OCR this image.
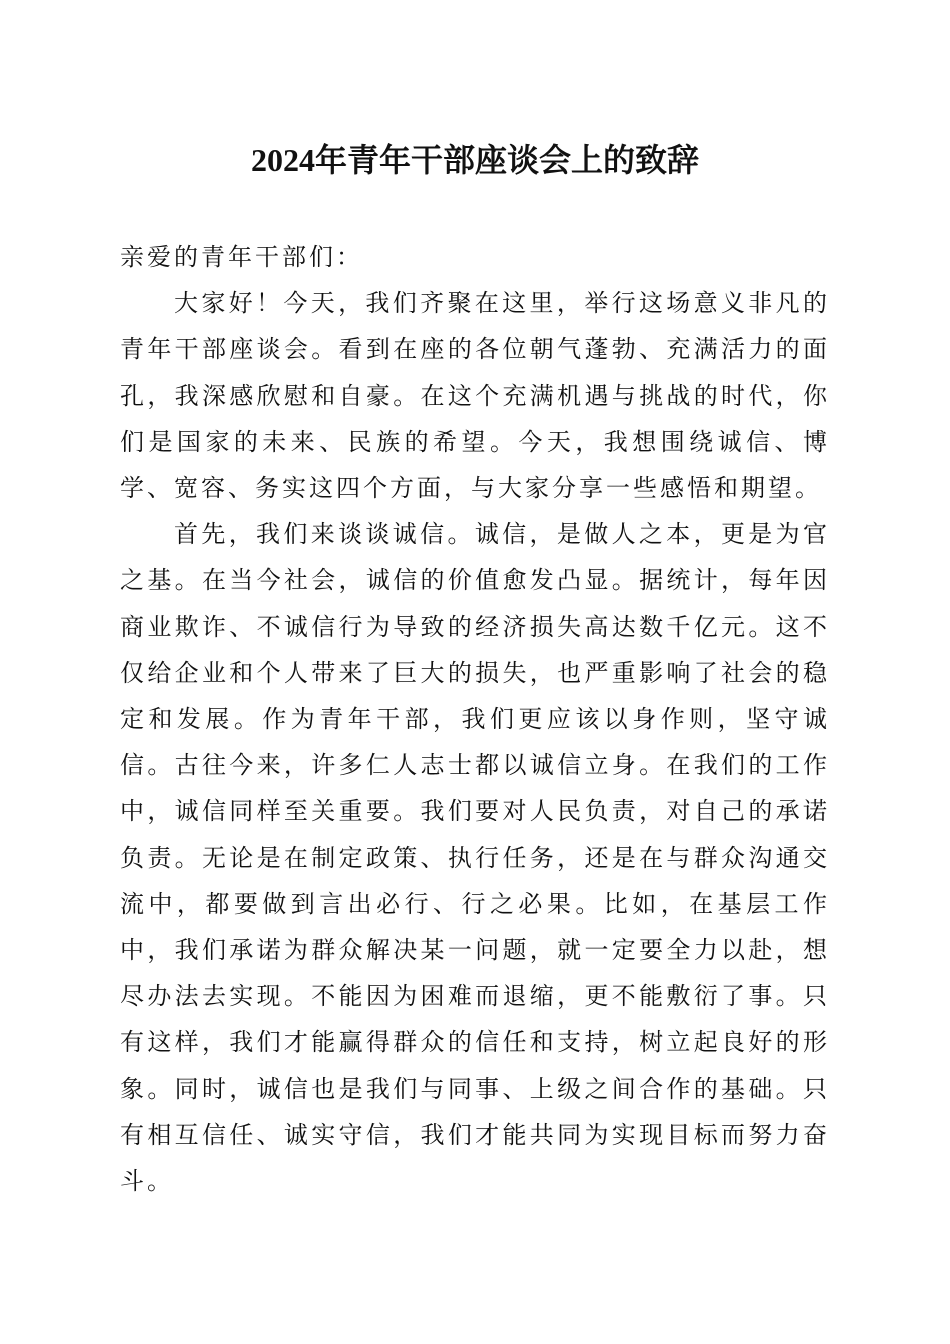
2024年青年干部座谈会上的致辞

亲爱的青年干部们：

大家好！今天，我们齐聚在这里，举行这场意义非凡的青年干部座谈会。看到在座的各位朝气蓬勃、充满活力的面孔，我深感欣慰和自豪。在这个充满机遇与挑战的时代，你们是国家的未来、民族的希望。今天，我想围绕诚信、博学、宽容、务实这四个方面，与大家分享一些感悟和期望。

首先，我们来谈谈诚信。诚信，是做人之本，更是为官之基。在当今社会，诚信的价值愈发凸显。据统计，每年因商业欺诈、不诚信行为导致的经济损失高达数千亿元。这不仅给企业和个人带来了巨大的损失，也严重影响了社会的稳定和发展。作为青年干部，我们更应该以身作则，坚守诚信。古往今来，许多仁人志士都以诚信立身。在我们的工作中，诚信同样至关重要。我们要对人民负责，对自己的承诺负责。无论是在制定政策、执行任务，还是在与群众沟通交流中，都要做到言出必行、行之必果。比如，在基层工作中，我们承诺为群众解决某一问题，就一定要全力以赴，想尽办法去实现。不能因为困难而退缩，更不能敷衍了事。只有这样，我们才能赢得群众的信任和支持，树立起良好的形象。同时，诚信也是我们与同事、上级之间合作的基础。只有相互信任、诚实守信，我们才能共同为实现目标而努力奋斗。
